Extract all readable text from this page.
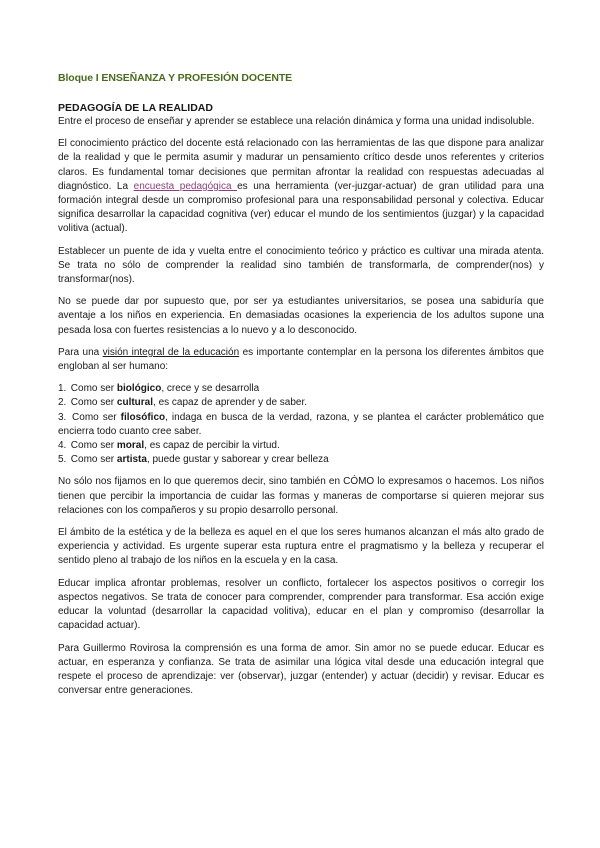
Bloque I ENSEÑANZA Y PROFESIÓN DOCENTE
PEDAGOGÍA DE LA REALIDAD

Entre el proceso de enseñar y aprender se establece una relación dinámica y forma una unidad indisoluble.

El conocimiento práctico del docente está relacionado con las herramientas de las que dispone para analizar de la realidad y que le permita asumir y madurar un pensamiento crítico desde unos referentes y criterios claros. Es fundamental tomar decisiones que permitan afrontar la realidad con respuestas adecuadas al diagnóstico. La encuesta pedagógica es una herramienta (ver-juzgar-actuar) de gran utilidad para una formación integral desde un compromiso profesional para una responsabilidad personal y colectiva. Educar significa desarrollar la capacidad cognitiva (ver) educar el mundo de los sentimientos (juzgar) y la capacidad volitiva (actual).

Establecer un puente de ida y vuelta entre el conocimiento teórico y práctico es cultivar una mirada atenta. Se trata no sólo de comprender la realidad sino también de transformarla, de comprender(nos) y transformar(nos).

No se puede dar por supuesto que, por ser ya estudiantes universitarios, se posea una sabiduría que aventaje a los niños en experiencia. En demasiadas ocasiones la experiencia de los adultos supone una pesada losa con fuertes resistencias a lo nuevo y a lo desconocido.

Para una visión integral de la educación es importante contemplar en la persona los diferentes ámbitos que engloban al ser humano:

1. Como ser biológico, crece y se desarrolla
2. Como ser cultural, es capaz de aprender y de saber.
3. Como ser filosófico, indaga en busca de la verdad, razona, y se plantea el carácter problemático que encierra todo cuanto cree saber.
4. Como ser moral, es capaz de percibir la virtud.
5. Como ser artista, puede gustar y saborear y crear belleza

No sólo nos fijamos en lo que queremos decir, sino también en CÓMO lo expresamos o hacemos. Los niños tienen que percibir la importancia de cuidar las formas y maneras de comportarse si quieren mejorar sus relaciones con los compañeros y su propio desarrollo personal.

El ámbito de la estética y de la belleza es aquel en el que los seres humanos alcanzan el más alto grado de experiencia y actividad. Es urgente superar esta ruptura entre el pragmatismo y la belleza y recuperar el sentido pleno al trabajo de los niños en la escuela y en la casa.

Educar implica afrontar problemas, resolver un conflicto, fortalecer los aspectos positivos o corregir los aspectos negativos. Se trata de conocer para comprender, comprender para transformar. Esa acción exige educar la voluntad (desarrollar la capacidad volitiva), educar en el plan y compromiso (desarrollar la capacidad actuar).

Para Guillermo Rovirosa la comprensión es una forma de amor. Sin amor no se puede educar. Educar es actuar, en esperanza y confianza. Se trata de asimilar una lógica vital desde una educación integral que respete el proceso de aprendizaje: ver (observar), juzgar (entender) y actuar (decidir) y revisar. Educar es conversar entre generaciones.
